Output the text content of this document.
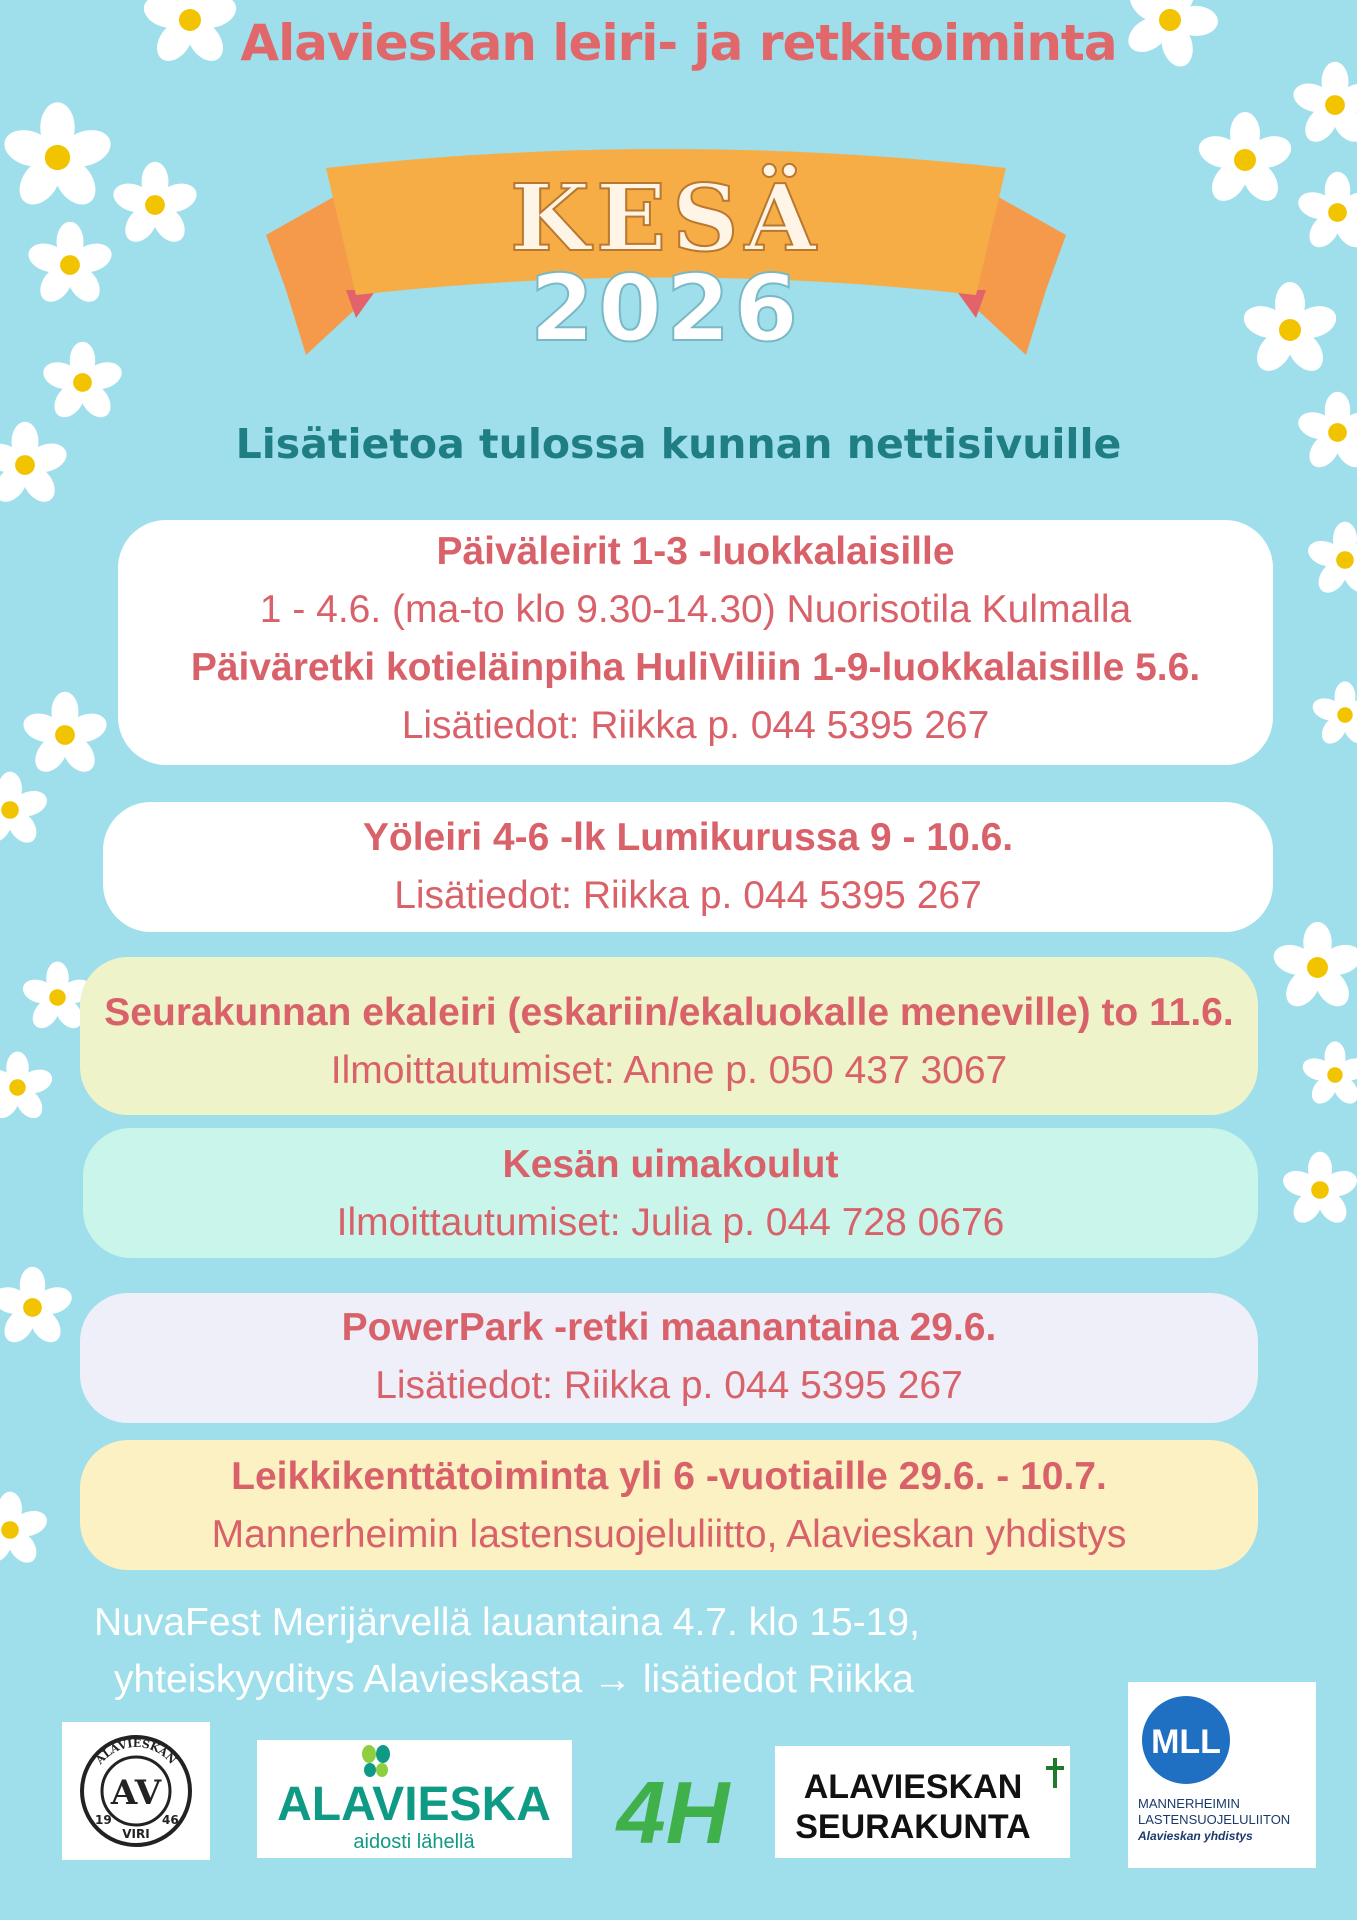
Alavieskan leiri- ja retkitoiminta
KESÄ
2026
Lisätietoa tulossa kunnan nettisivuille
Päiväleirit 1-3 -luokkalaisille
1 - 4.6. (ma-to klo 9.30-14.30) Nuorisotila Kulmalla
Päiväretki kotieläinpiha HuliViliin 1-9-luokkalaisille 5.6.
Lisätiedot: Riikka p. 044 5395 267
Yöleiri 4-6 -lk Lumikurussa 9 - 10.6.
Lisätiedot: Riikka p. 044 5395 267
Seurakunnan ekaleiri (eskariin/ekaluokalle meneville) to 11.6.
Ilmoittautumiset: Anne p. 050 437 3067
Kesän uimakoulut
Ilmoittautumiset: Julia p. 044 728 0676
PowerPark -retki maanantaina 29.6.
Lisätiedot: Riikka p. 044 5395 267
Leikkikenttätoiminta yli 6 -vuotiaille 29.6. - 10.7.
Mannerheimin lastensuojeluliitto, Alavieskan yhdistys
NuvaFest Merijärvellä lauantaina 4.7. klo 15-19,
yhteiskyyditys Alavieskasta → lisätiedot Riikka
ALAVIESKAN
AV
19	46
VIRI
ALAVIESKA
aidosti lähellä 4H ALAVIESKAN
SEURAKUNTA
MLL
MANNERHEIMIN
LASTENSUOJELULIITON
Alavieskan yhdistys
